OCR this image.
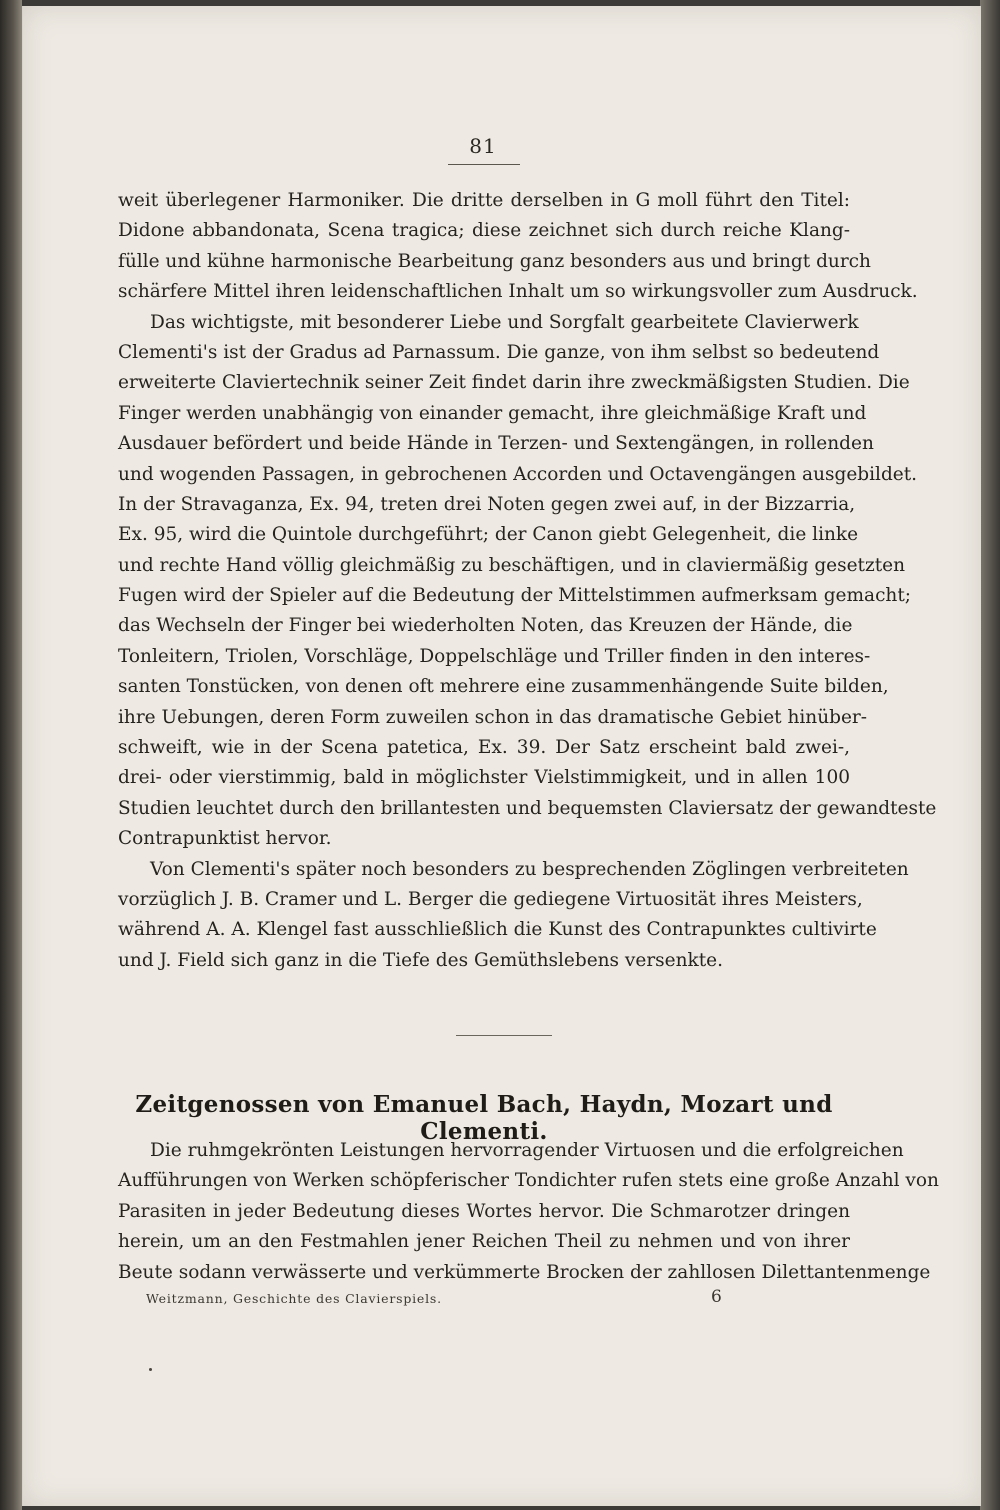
81
weit überlegener Harmoniker. Die dritte derselben in G moll führt den Titel:
Didone abbandonata, Scena tragica; diese zeichnet sich durch reiche Klang-
fülle und kühne harmonische Bearbeitung ganz besonders aus und bringt durch
schärfere Mittel ihren leidenschaftlichen Inhalt um so wirkungsvoller zum Ausdruck.
Das wichtigste, mit besonderer Liebe und Sorgfalt gearbeitete Clavierwerk
Clementi's ist der Gradus ad Parnassum. Die ganze, von ihm selbst so bedeutend
erweiterte Claviertechnik seiner Zeit findet darin ihre zweckmäßigsten Studien. Die
Finger werden unabhängig von einander gemacht, ihre gleichmäßige Kraft und
Ausdauer befördert und beide Hände in Terzen- und Sextengängen, in rollenden
und wogenden Passagen, in gebrochenen Accorden und Octavengängen ausgebildet.
In der Stravaganza, Ex. 94, treten drei Noten gegen zwei auf, in der Bizzarria,
Ex. 95, wird die Quintole durchgeführt; der Canon giebt Gelegenheit, die linke
und rechte Hand völlig gleichmäßig zu beschäftigen, und in claviermäßig gesetzten
Fugen wird der Spieler auf die Bedeutung der Mittelstimmen aufmerksam gemacht;
das Wechseln der Finger bei wiederholten Noten, das Kreuzen der Hände, die
Tonleitern, Triolen, Vorschläge, Doppelschläge und Triller finden in den interes-
santen Tonstücken, von denen oft mehrere eine zusammenhängende Suite bilden,
ihre Uebungen, deren Form zuweilen schon in das dramatische Gebiet hinüber-
schweift, wie in der Scena patetica, Ex. 39. Der Satz erscheint bald zwei-,
drei- oder vierstimmig, bald in möglichster Vielstimmigkeit, und in allen 100
Studien leuchtet durch den brillantesten und bequemsten Claviersatz der gewandteste
Contrapunktist hervor.
Von Clementi's später noch besonders zu besprechenden Zöglingen verbreiteten
vorzüglich J. B. Cramer und L. Berger die gediegene Virtuosität ihres Meisters,
während A. A. Klengel fast ausschließlich die Kunst des Contrapunktes cultivirte
und J. Field sich ganz in die Tiefe des Gemüthslebens versenkte.
Zeitgenossen von Emanuel Bach, Haydn, Mozart und Clementi.
Die ruhmgekrönten Leistungen hervorragender Virtuosen und die erfolgreichen
Aufführungen von Werken schöpferischer Tondichter rufen stets eine große Anzahl von
Parasiten in jeder Bedeutung dieses Wortes hervor. Die Schmarotzer dringen
herein, um an den Festmahlen jener Reichen Theil zu nehmen und von ihrer
Beute sodann verwässerte und verkümmerte Brocken der zahllosen Dilettantenmenge
Weitzmann, Geschichte des Clavierspiels.	6
